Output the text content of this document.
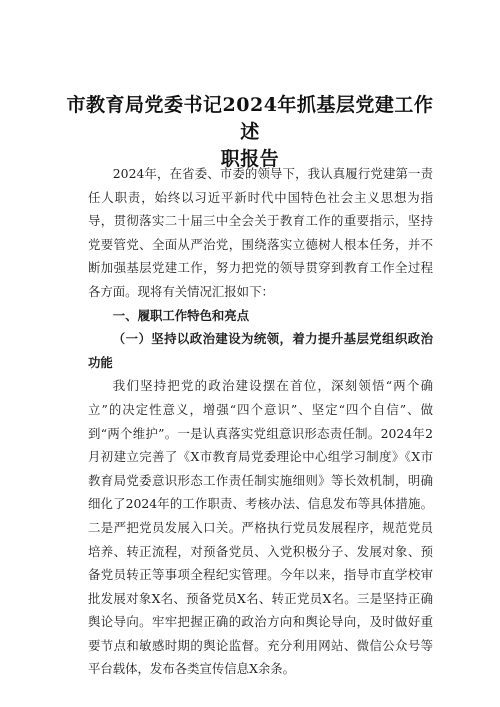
市教育局党委书记2024年抓基层党建工作述
职报告

2024年，在省委、市委的领导下，我认真履行党建第一责任人职责，始终以习近平新时代中国特色社会主义思想为指导，贯彻落实二十届三中全会关于教育工作的重要指示，坚持党要管党、全面从严治党，围绕落实立德树人根本任务，并不断加强基层党建工作，努力把党的领导贯穿到教育工作全过程各方面。现将有关情况汇报如下：

一、履职工作特色和亮点

（一）坚持以政治建设为统领，着力提升基层党组织政治功能

我们坚持把党的政治建设摆在首位，深刻领悟“两个确立”的决定性意义，增强“四个意识”、坚定“四个自信”、做到“两个维护”。一是认真落实党组意识形态责任制。2024年2月初建立完善了《X市教育局党委理论中心组学习制度》《X市教育局党委意识形态工作责任制实施细则》等长效机制，明确细化了2024年的工作职责、考核办法、信息发布等具体措施。二是严把党员发展入口关。严格执行党员发展程序，规范党员培养、转正流程，对预备党员、入党积极分子、发展对象、预备党员转正等事项全程纪实管理。今年以来，指导市直学校审批发展对象X名、预备党员X名、转正党员X名。三是坚持正确舆论导向。牢牢把握正确的政治方向和舆论导向，及时做好重要节点和敏感时期的舆论监督。充分利用网站、微信公众号等平台载体，发布各类宣传信息X余条。
